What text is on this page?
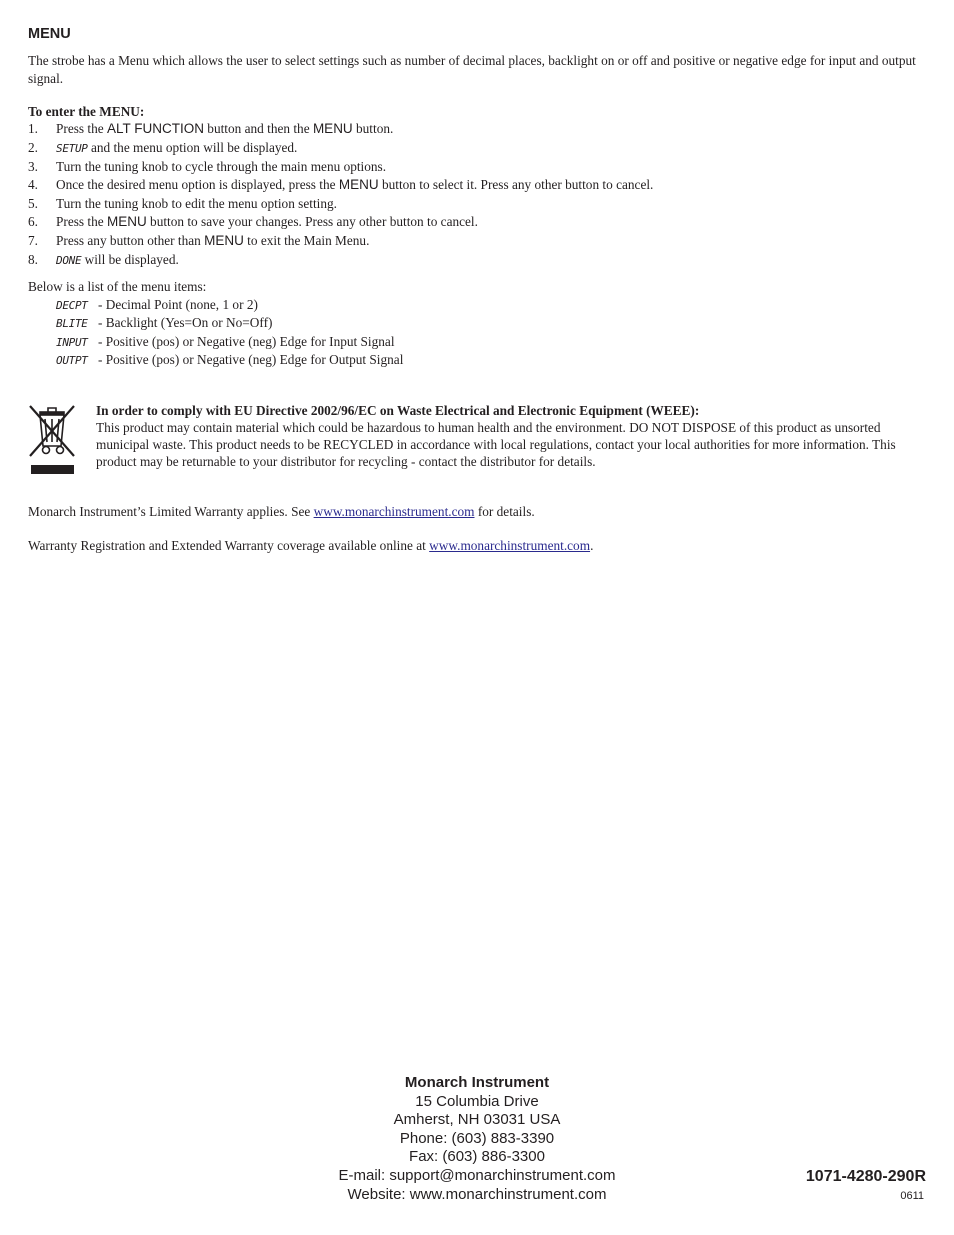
MENU
The strobe has a Menu which allows the user to select settings such as number of decimal places, backlight on or off and positive or negative edge for input and output signal.
To enter the MENU:
1. Press the ALT FUNCTION button and then the MENU button.
2. SETUP and the menu option will be displayed.
3. Turn the tuning knob to cycle through the main menu options.
4. Once the desired menu option is displayed, press the MENU button to select it. Press any other button to cancel.
5. Turn the tuning knob to edit the menu option setting.
6. Press the MENU button to save your changes. Press any other button to cancel.
7. Press any button other than MENU to exit the Main Menu.
8. DONE will be displayed.
Below is a list of the menu items:
DECPT - Decimal Point (none, 1 or 2)
BLITE - Backlight (Yes=On or No=Off)
INPUT - Positive (pos) or Negative (neg) Edge for Input Signal
OUTPT - Positive (pos) or Negative (neg) Edge for Output Signal
In order to comply with EU Directive 2002/96/EC on Waste Electrical and Electronic Equipment (WEEE):
This product may contain material which could be hazardous to human health and the environment. DO NOT DISPOSE of this product as unsorted municipal waste. This product needs to be RECYCLED in accordance with local regulations, contact your local authorities for more information. This product may be returnable to your distributor for recycling - contact the distributor for details.
Monarch Instrument’s Limited Warranty applies. See www.monarchinstrument.com for details.
Warranty Registration and Extended Warranty coverage available online at www.monarchinstrument.com.
Monarch Instrument
15 Columbia Drive
Amherst, NH 03031 USA
Phone: (603) 883-3390
Fax: (603) 886-3300
E-mail: support@monarchinstrument.com
Website: www.monarchinstrument.com
1071-4280-290R
0611
